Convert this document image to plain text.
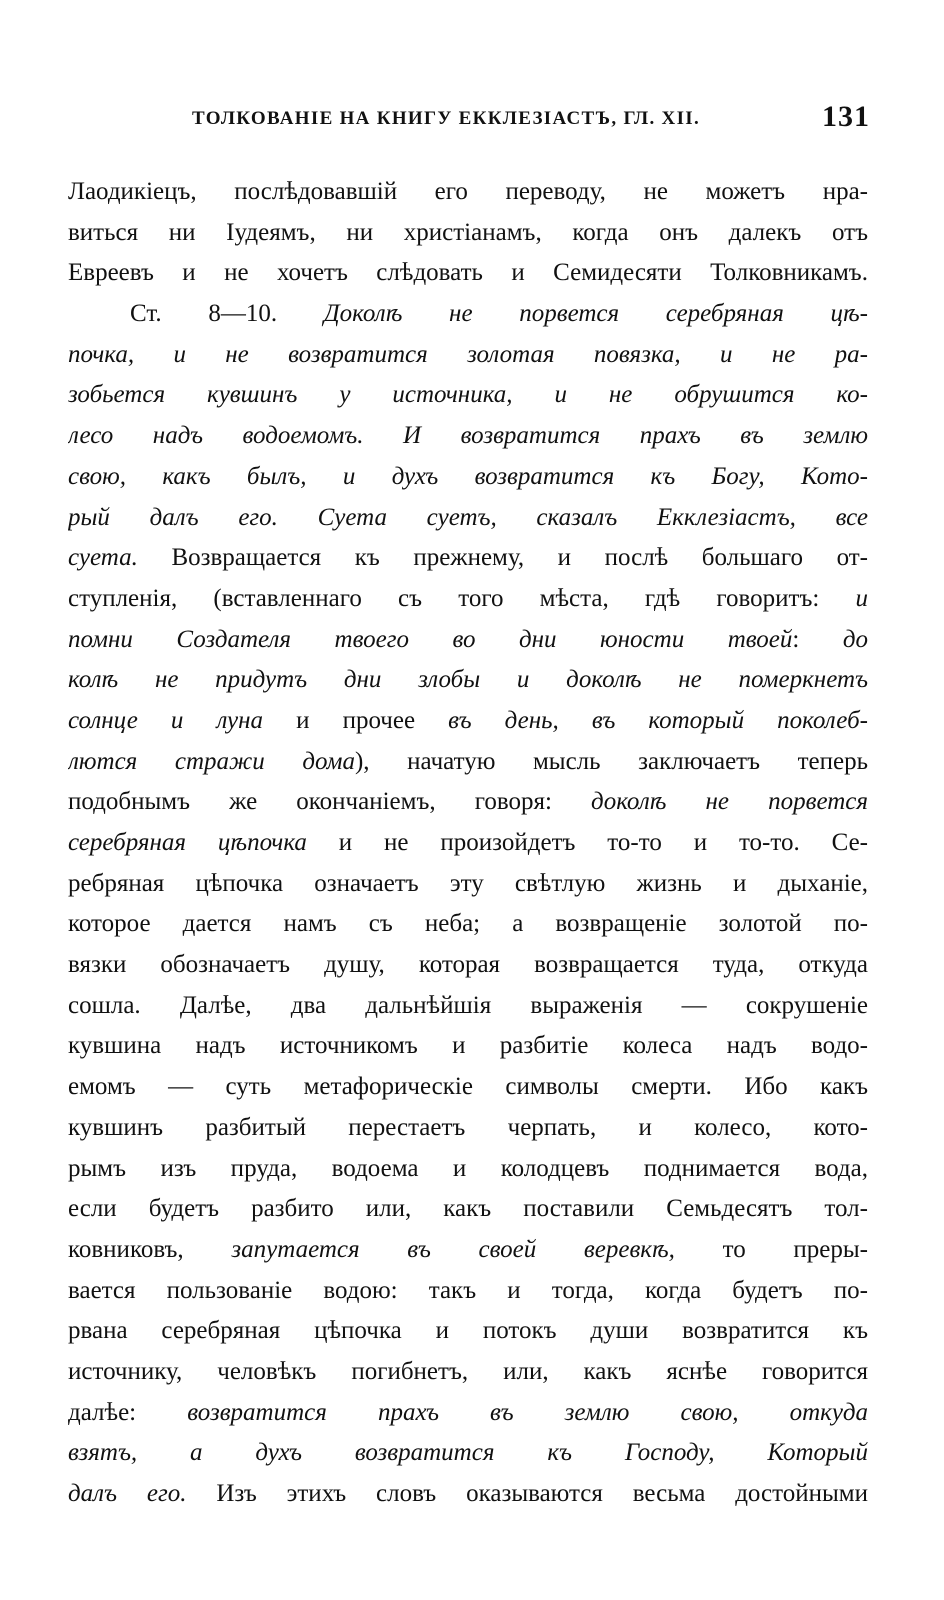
ТОЛКОВАНІЕ НА КНИГУ ЕККЛЕЗІАСТЪ, ГЛ. XII.	131
Лаодикіецъ, послѣдовавшій его переводу, не можетъ нра-
виться ни Іудеямъ, ни христіанамъ, когда онъ далекъ отъ
Евреевъ и не хочетъ слѣдовать и Семидесяти Толковникамъ.
Ст. 8—10. Доколѣ не порвется серебряная цѣ-
почка, и не возвратится золотая повязка, и не ра-
зобьется кувшинъ у источника, и не обрушится ко-
лесо надъ водоемомъ. И возвратится прахъ въ землю
свою, какъ былъ, и духъ возвратится къ Богу, Кото-
рый далъ его. Суета суетъ, сказалъ Екклезіастъ, все
суета. Возвращается къ прежнему, и послѣ большаго от-
ступленія, (вставленнаго съ того мѣста, гдѣ говоритъ: и
помни Создателя твоего во дни юности твоей: до
колѣ не придутъ дни злобы и доколѣ не померкнетъ
солнце и луна и прочее въ день, въ который поколеб-
лются стражи дома), начатую мысль заключаетъ теперь
подобнымъ же окончаніемъ, говоря: доколѣ не порвется
серебряная цѣпочка и не произойдетъ то-то и то-то. Се-
ребряная цѣпочка означаетъ эту свѣтлую жизнь и дыханіе,
которое дается намъ съ неба; а возвращеніе золотой по-
вязки обозначаетъ душу, которая возвращается туда, откуда
сошла. Далѣе, два дальнѣйшія выраженія — сокрушеніе
кувшина надъ источникомъ и разбитіе колеса надъ водо-
емомъ — суть метафорическіе символы смерти. Ибо какъ
кувшинъ разбитый перестаетъ черпать, и колесо, кото-
рымъ изъ пруда, водоема и колодцевъ поднимается вода,
если будетъ разбито или, какъ поставили Семьдесятъ тол-
ковниковъ, запутается въ своей веревкѣ, то преры-
вается пользованіе водою: такъ и тогда, когда будетъ по-
рвана серебряная цѣпочка и потокъ души возвратится къ
источнику, человѣкъ погибнетъ, или, какъ яснѣе говорится
далѣе: возвратится прахъ въ землю свою, откуда
взятъ, а духъ возвратится къ Господу, Который
далъ его. Изъ этихъ словъ оказываются весьма достойными
